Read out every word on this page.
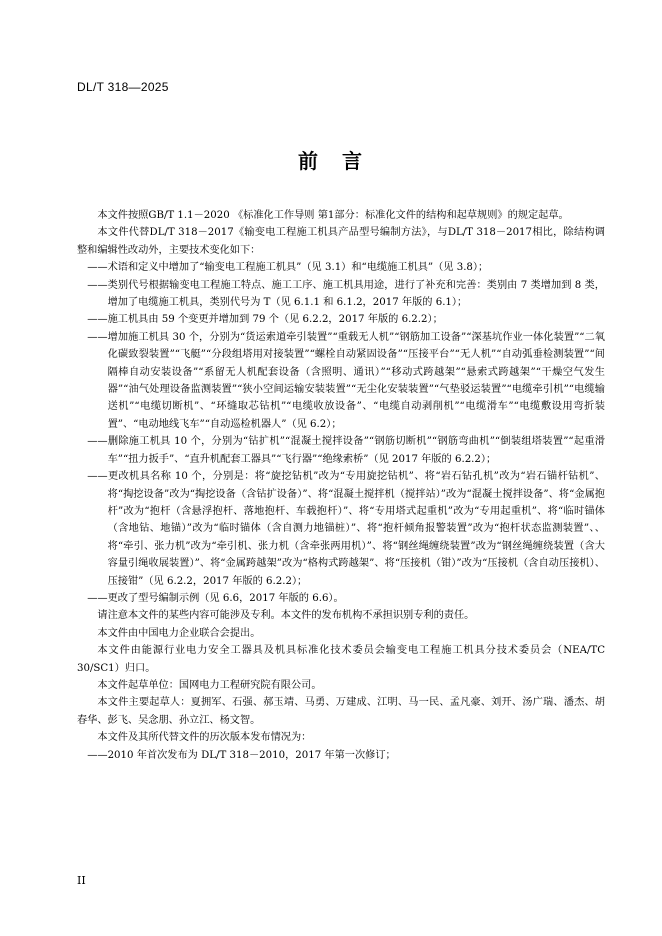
DL/T 318—2025
前　言

本文件按照GB/T 1.1－2020 《标准化工作导则 第1部分：标准化文件的结构和起草规则》的规定起草。

本文件代替DL/T 318－2017《输变电工程施工机具产品型号编制方法》，与DL/T 318－2017相比，除结构调整和编辑性改动外，主要技术变化如下：

——术语和定义中增加了“输变电工程施工机具”（见 3.1）和“电缆施工机具”（见 3.8）；

——类别代号根据输变电工程施工特点、施工工序、施工机具用途，进行了补充和完善：类别由 7 类增加到 8 类，增加了电缆施工机具，类别代号为 T（见 6.1.1 和 6.1.2，2017 年版的 6.1）；

——施工机具由 59 个变更并增加到 79 个（见 6.2.2，2017 年版的 6.2.2）；

——增加施工机具 30 个，分别为“货运索道牵引装置”“重载无人机”“钢筋加工设备”“深基坑作业一体化装置”“二氧化碳致裂装置”“飞艇”“分段组塔用对接装置”“螺栓自动紧固设备”“压接平台”“无人机”“自动弧垂检测装置”“间隔棒自动安装设备”“系留无人机配套设备（含照明、通讯）”“移动式跨越架”“悬索式跨越架”“干燥空气发生器”“油气处理设备监测装置”“狭小空间运输安装装置”“无尘化安装装置”“气垫驳运装置”“电缆牵引机”“电缆输送机”“电缆切断机”、“环缝取芯钻机”“电缆收放设备”、“电缆自动剥削机”“电缆滑车”“电缆敷设用弯折装置”、“电动地线飞车”“自动巡检机器人”（见 6.2）；

——删除施工机具 10 个，分别为“钻扩机”“混凝土搅拌设备”“钢筋切断机”“钢筋弯曲机”“倒装组塔装置”“起重滑车”“扭力扳手”、“直升机配套工器具”“飞行器”“绝缘索桥”（见 2017 年版的 6.2.2）；

——更改机具名称 10 个，分别是：将“旋挖钻机”改为“专用旋挖钻机”、将“岩石钻孔机”改为“岩石锚杆钻机”、将“掏挖设备”改为“掏挖设备（含钻扩设备）”、将“混凝土搅拌机（搅拌站）”改为“混凝土搅拌设备”、将“金属抱杆”改为“抱杆（含悬浮抱杆、落地抱杆、车载抱杆）”、将“专用塔式起重机”改为“专用起重机”、将“临时锚体（含地钻、地锚）”改为“临时锚体（含自测力地锚桩）”、将“抱杆倾角报警装置”改为“抱杆状态监测装置”、、将“牵引、张力机”改为“牵引机、张力机（含牵张两用机）”、将“钢丝绳缠绕装置”改为“钢丝绳缠绕装置（含大容量引绳收展装置）”、将“金属跨越架”改为“格构式跨越架”、将“压接机（钳）”改为“压接机（含自动压接机）、压接钳”（见 6.2.2，2017 年版的 6.2.2）；

——更改了型号编制示例（见 6.6，2017 年版的 6.6）。

请注意本文件的某些内容可能涉及专利。本文件的发布机构不承担识别专利的责任。

本文件由中国电力企业联合会提出。

本文件由能源行业电力安全工器具及机具标准化技术委员会输变电工程施工机具分技术委员会（NEA/TC 30/SC1）归口。

本文件起草单位：国网电力工程研究院有限公司。

本文件主要起草人：夏拥军、石强、郝玉靖、马勇、万建成、江明、马一民、孟凡豪、刘开、汤广瑞、潘杰、胡春华、彭飞、吴念朋、孙立江、杨文智。

本文件及其所代替文件的历次版本发布情况为：

——2010 年首次发布为 DL/T 318－2010，2017 年第一次修订；

II
